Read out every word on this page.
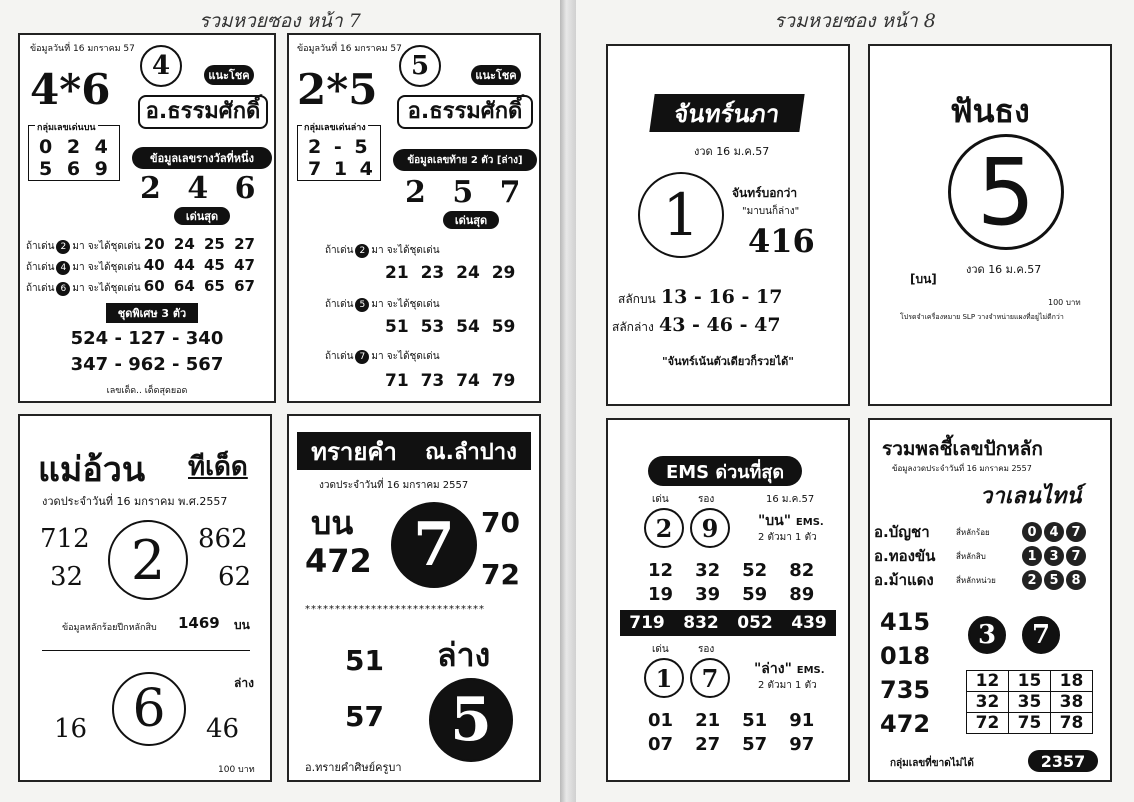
รวมหวยซอง หน้า 7
ข้อมูลวันที่ 16 มกราคม 57
4*6	4	แนะโชค
อ.ธรรมศักดิ์
กลุ่มเลขเด่นบน
0 2 4
5 6 9	ข้อมูลเลขรางวัลที่หนึ่ง
2 4 6
เด่นสุด
ถ้าเด่น 2 มา จะได้ชุดเด่น 20 24 25 27
ถ้าเด่น 4 มา จะได้ชุดเด่น 40 44 45 47
ถ้าเด่น 6 มา จะได้ชุดเด่น 60 64 65 67
ชุดพิเศษ 3 ตัว
524 - 127 - 340
347 - 962 - 567
เลขเด็ด.. เด็ดสุดยอด
ข้อมูลวันที่ 16 มกราคม 57
2*5	5	แนะโชค
อ.ธรรมศักดิ์
กลุ่มเลขเด่นล่าง
2 - 5
7 1 4	ข้อมูลเลขท้าย 2 ตัว [ล่าง]
2 5 7
เด่นสุด
ถ้าเด่น 2 มา จะได้ชุดเด่น
21 23 24 29
ถ้าเด่น 5 มา จะได้ชุดเด่น
51 53 54 59
ถ้าเด่น 7 มา จะได้ชุดเด่น
71 73 74 79
แม่อ้วน ทีเด็ด
งวดประจำวันที่ 16 มกราคม พ.ศ.2557
712
32 2	862
62
ข้อมูลหลักร้อยปีกหลักสิบ 1469 บน
ล่าง
16 6	46
100 บาท
ทรายคำ ณ.ลำปาง
งวดประจำวันที่ 16 มกราคม 2557
บน
472 7 70
72
******************************
51 ล่าง
57	5
อ.ทรายคำศิษย์ครูบา
รวมหวยซอง หน้า 8
จันทร์นภา
งวด 16 ม.ค.57
1	จันทร์บอกว่า
"มาบนก็ล่าง"
416
สลักบน 13 - 16 - 17
สลักล่าง 43 - 46 - 47
"จันทร์เน้นตัวเดียวก็รวยได้"
ฟันธง
5
[บน]
งวด 16 ม.ค.57
100 บาท
โปรดจำเครื่องหมาย SLP วางจำหน่ายแผงที่อยู่ไม่ดีกว่า
EMS ด่วนที่สุด
เด่น	รอง	16 ม.ค.57
2	9	"บน" EMS.
2 ตัวมา 1 ตัว
12 32 52 82
19 39 59 89
719 832 052 439
เด่น	รอง
1	7	"ล่าง" EMS.
2 ตัวมา 1 ตัว
01 21 51 91
07 27 57 97
รวมพลชี้เลขปักหลัก
ข้อมูลงวดประจำวันที่ 16 มกราคม 2557
วาเลนไทน์
อ.บัญชา	สี่หลักร้อย	0 4 7
อ.ทองขัน	สี่หลักสิบ	1 3 7
อ.ม้าแดง	สี่หลักหน่วย	2 5 8
415
018
735
472
3	7
12	15	18
32	35	38
72	75	78
กลุ่มเลขที่ขาดไม่ได้	2357
